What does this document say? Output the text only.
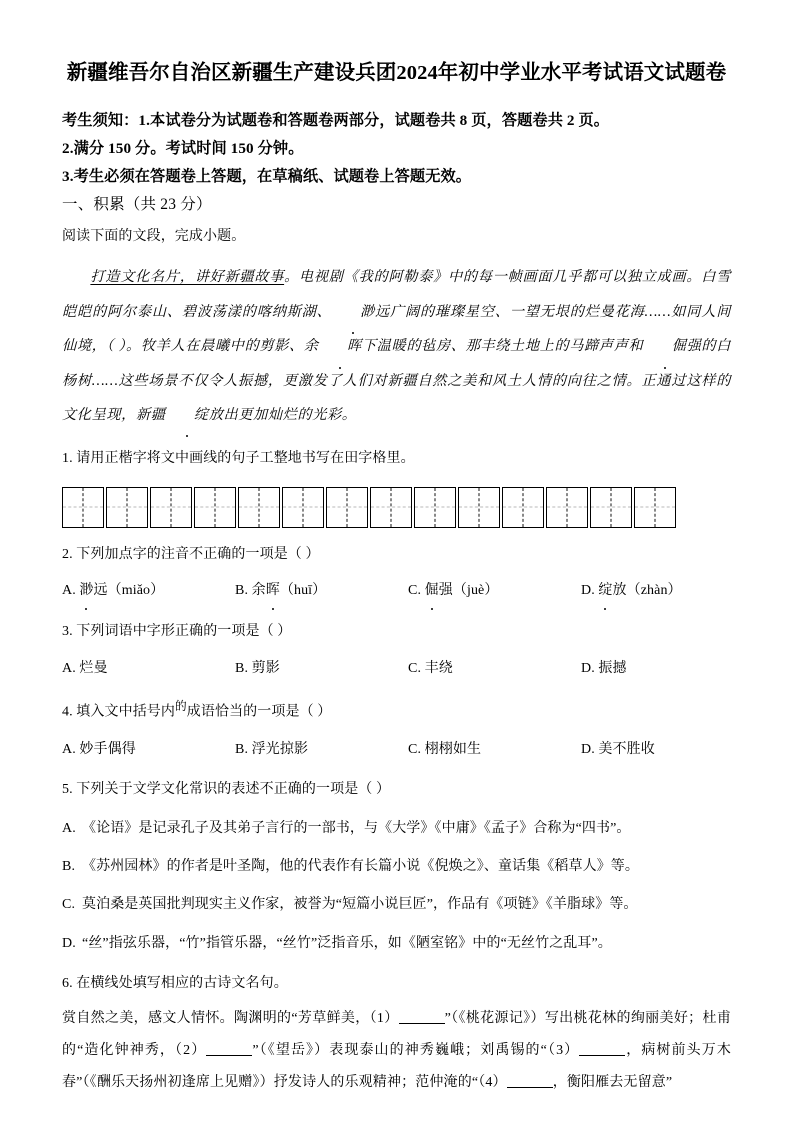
新疆维吾尔自治区新疆生产建设兵团2024年初中学业水平考试语文试题卷
考生须知：1.本试卷分为试题卷和答题卷两部分，试题卷共 8 页，答题卷共 2 页。
2.满分 150 分。考试时间 150 分钟。
3.考生必须在答题卷上答题，在草稿纸、试题卷上答题无效。
一、积累（共 23 分）
阅读下面的文段，完成小题。
打造文化名片，讲好新疆故事。电视剧《我的阿勒泰》中的每一帧画面几乎都可以独立成画。白雪皑皑的阿尔泰山、碧波荡漾的喀纳斯湖、 渺远广阔的璀璨星空、一望无垠的烂曼花海……如同人间仙境，（ ）。牧羊人在晨曦中的剪影、余 晖下温暖的毡房、那丰绕土地上的马蹄声声和 倔强的白杨树……这些场景不仅令人振撼，更激发了人们对新疆自然之美和风土人情的向往之情。正通过这样的文化呈现，新疆 绽放出更加灿烂的光彩。
1. 请用正楷字将文中画线的句子工整地书写在田字格里。
2. 下列加点字的注音不正确的一项是（ ）
A. 渺远（miǎo）	B. 余晖（huī）	C. 倔强（juè）	D. 绽放（zhàn）
3. 下列词语中字形正确的一项是（ ）
A. 烂曼	B. 剪影	C. 丰绕	D. 振撼
4. 填入文中括号内$^的$成语恰当的一项是（ ）
A. 妙手偶得	B. 浮光掠影	C. 栩栩如生	D. 美不胜收
5. 下列关于文学文化常识的表述不正确的一项是（ ）
A. 《论语》是记录孔子及其弟子言行的一部书，与《大学》《中庸》《孟子》合称为“四书”。
B. 《苏州园林》的作者是叶圣陶，他的代表作有长篇小说《倪焕之》、童话集《稻草人》等。
C. 莫泊桑是英国批判现实主义作家，被誉为“短篇小说巨匠”，作品有《项链》《羊脂球》等。
D. “丝”指弦乐器，“竹”指管乐器，“丝竹”泛指音乐，如《陋室铭》中的“无丝竹之乱耳”。
6. 在横线处填写相应的古诗文名句。
赏自然之美，感文人情怀。陶渊明的“芳草鲜美，（1）	”（《桃花源记》）写出桃花林的绚丽美好；杜甫的“造化钟神秀，（2）	”（《望岳》）表现泰山的神秀巍峨；刘禹锡的“（3）	，病树前头万木春”（《酬乐天扬州初逢席上见赠》）抒发诗人的乐观精神；范仲淹的“（4）	，衡阳雁去无留意”
